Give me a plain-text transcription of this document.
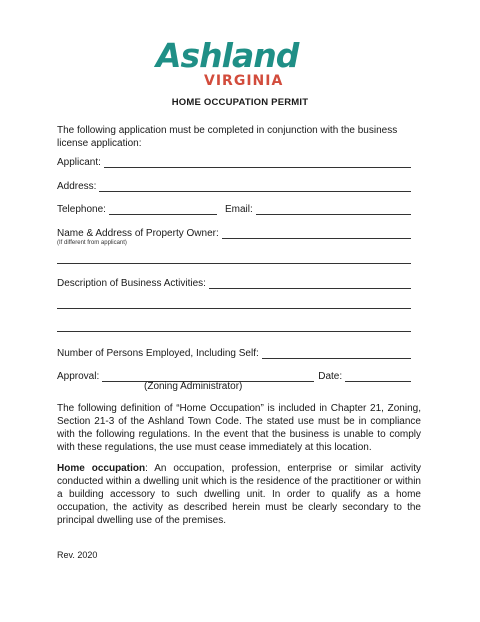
Ashland
VIRGINIA
HOME OCCUPATION PERMIT
The following application must be completed in conjunction with the business license application:
Applicant:
Address:
Telephone:	Email:
Name & Address of Property Owner:
(If different from applicant)
Description of Business Activities:
Number of Persons Employed, Including Self:
Approval:	Date:
(Zoning Administrator)
The following definition of “Home Occupation” is included in Chapter 21, Zoning, Section 21-3 of the Ashland Town Code. The stated use must be in compliance with the following regulations. In the event that the business is unable to comply with these regulations, the use must cease immediately at this location.
Home occupation: An occupation, profession, enterprise or similar activity conducted within a dwelling unit which is the residence of the practitioner or within a building accessory to such dwelling unit. In order to qualify as a home occupation, the activity as described herein must be clearly secondary to the principal dwelling use of the premises.
Rev. 2020
